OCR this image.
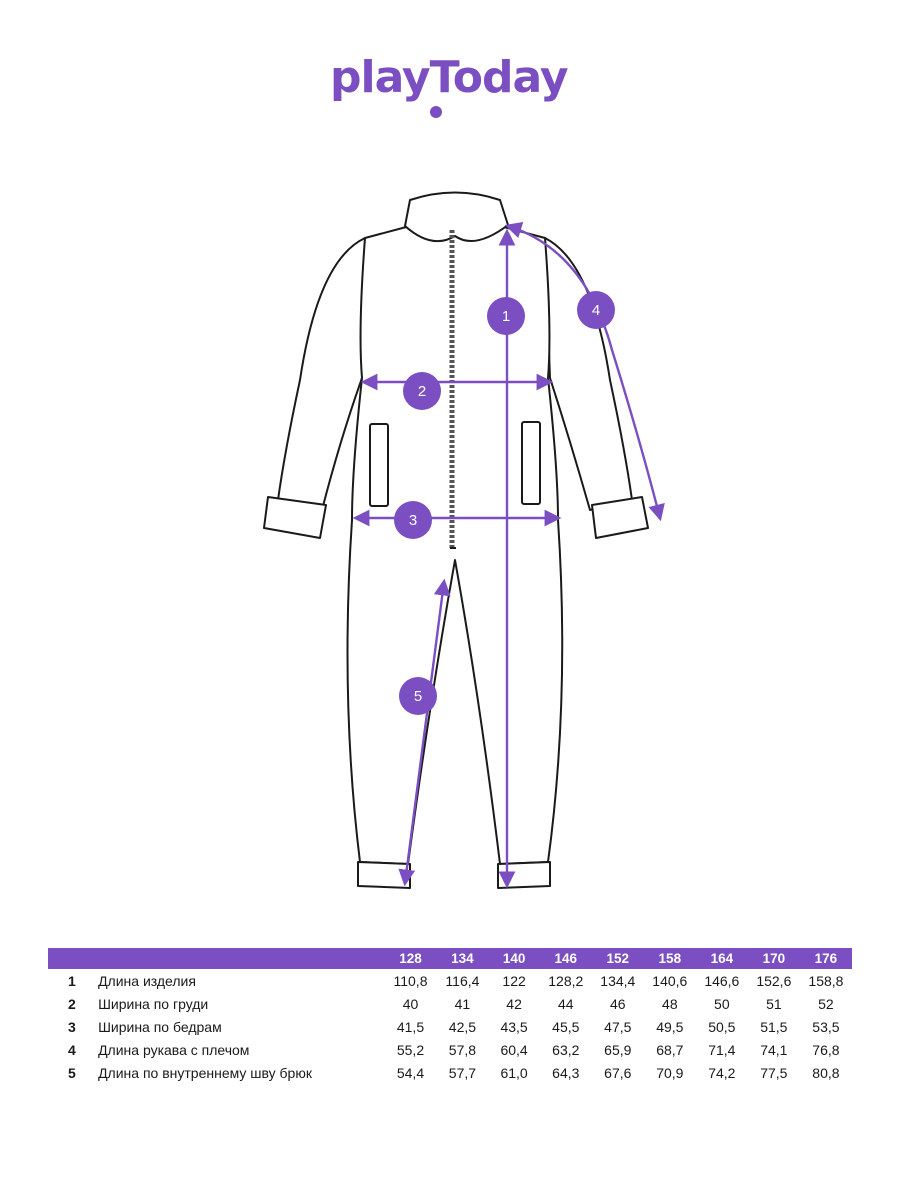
playToday
1
2
3
4
5
		128	134	140	146	152	158	164	170	176
1	Длина изделия	110,8	116,4	122	128,2	134,4	140,6	146,6	152,6	158,8
2	Ширина по груди	40	41	42	44	46	48	50	51	52
3	Ширина по бедрам	41,5	42,5	43,5	45,5	47,5	49,5	50,5	51,5	53,5
4	Длина рукава с плечом	55,2	57,8	60,4	63,2	65,9	68,7	71,4	74,1	76,8
5	Длина по внутреннему шву брюк	54,4	57,7	61,0	64,3	67,6	70,9	74,2	77,5	80,8
